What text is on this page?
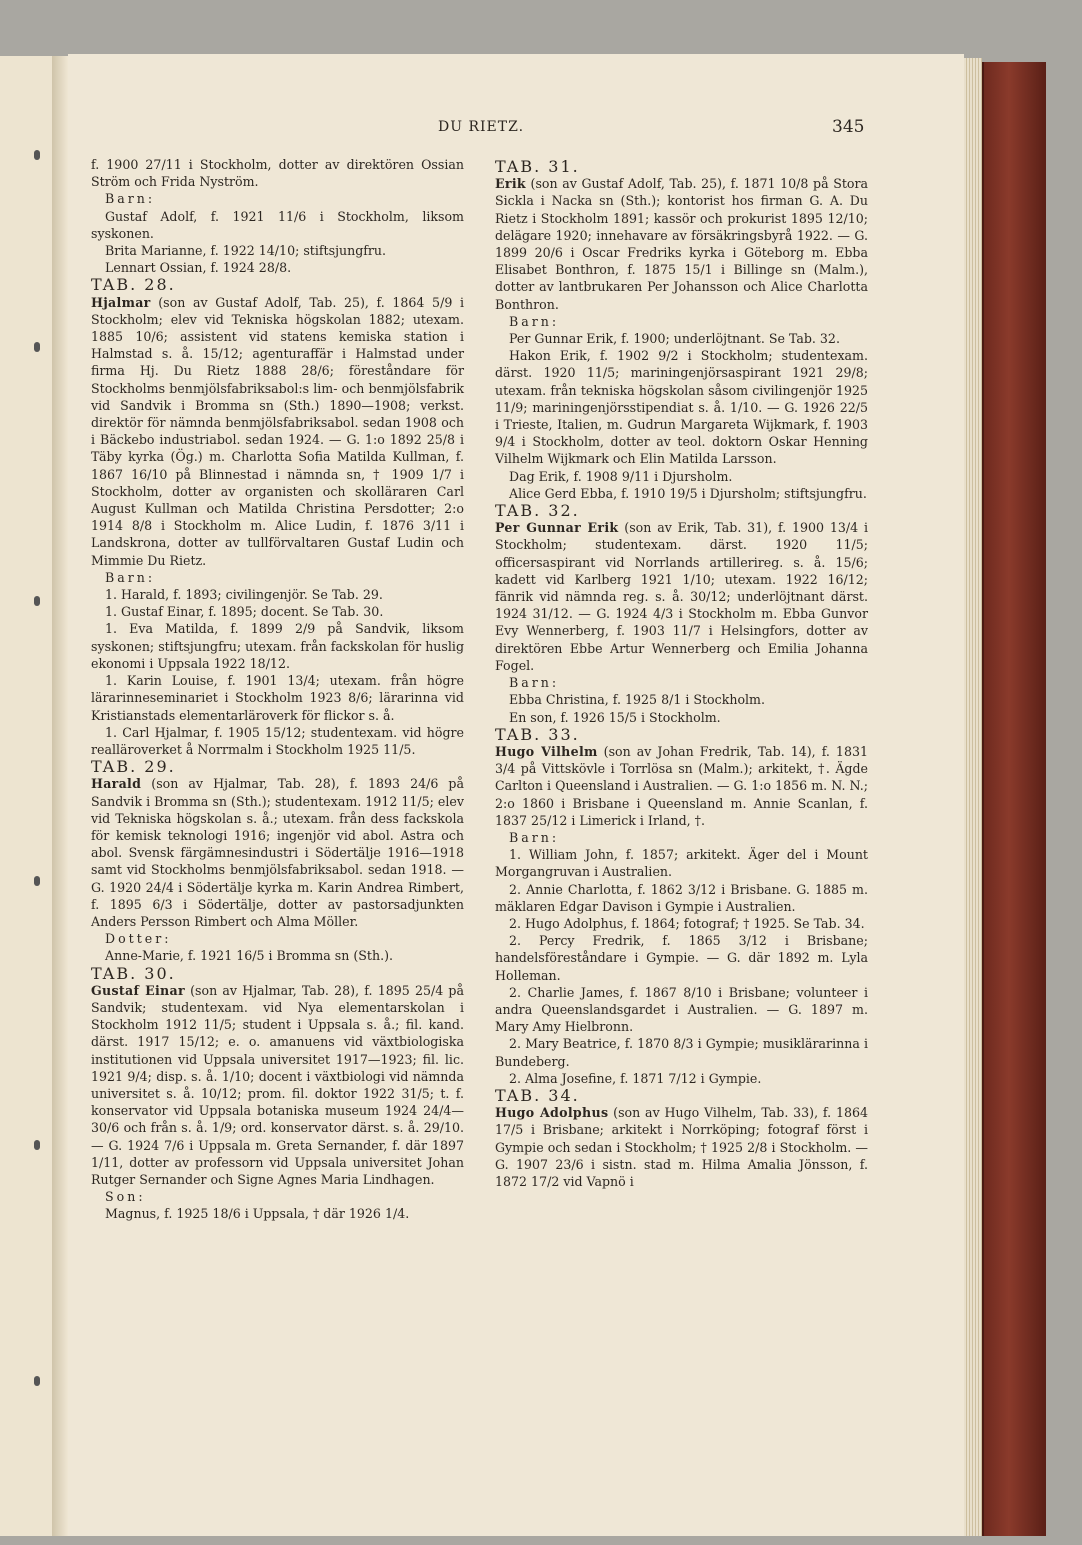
DU RIETZ.	345

f. 1900 27/11 i Stockholm, dotter av direktören Ossian Ström och Frida Nyström.

Barn:

Gustaf Adolf, f. 1921 11/6 i Stockholm, liksom syskonen.

Brita Marianne, f. 1922 14/10; stiftsjungfru.

Lennart Ossian, f. 1924 28/8.

TAB. 28.

Hjalmar (son av Gustaf Adolf, Tab. 25), f. 1864 5/9 i Stockholm; elev vid Tekniska högskolan 1882; utexam. 1885 10/6; assistent vid statens kemiska station i Halmstad s. å. 15/12; agenturaffär i Halmstad under firma Hj. Du Rietz 1888 28/6; föreståndare för Stockholms benmjölsfabriksabol:s lim- och benmjölsfabrik vid Sandvik i Bromma sn (Sth.) 1890—1908; verkst. direktör för nämnda benmjölsfabriksabol. sedan 1908 och i Bäckebo industriabol. sedan 1924. — G. 1:o 1892 25/8 i Täby kyrka (Ög.) m. Charlotta Sofia Matilda Kullman, f. 1867 16/10 på Blinnestad i nämnda sn, † 1909 1/7 i Stockholm, dotter av organisten och skolläraren Carl August Kullman och Matilda Christina Persdotter; 2:o 1914 8/8 i Stockholm m. Alice Ludin, f. 1876 3/11 i Landskrona, dotter av tullförvaltaren Gustaf Ludin och Mimmie Du Rietz.

Barn:

1. Harald, f. 1893; civilingenjör. Se Tab. 29.

1. Gustaf Einar, f. 1895; docent. Se Tab. 30.

1. Eva Matilda, f. 1899 2/9 på Sandvik, liksom syskonen; stiftsjungfru; utexam. från fackskolan för huslig ekonomi i Uppsala 1922 18/12.

1. Karin Louise, f. 1901 13/4; utexam. från högre lärarinneseminariet i Stockholm 1923 8/6; lärarinna vid Kristianstads elementarläroverk för flickor s. å.

1. Carl Hjalmar, f. 1905 15/12; studentexam. vid högre realläroverket å Norrmalm i Stockholm 1925 11/5.

TAB. 29.

Harald (son av Hjalmar, Tab. 28), f. 1893 24/6 på Sandvik i Bromma sn (Sth.); studentexam. 1912 11/5; elev vid Tekniska högskolan s. å.; utexam. från dess fackskola för kemisk teknologi 1916; ingenjör vid abol. Astra och abol. Svensk färgämnesindustri i Södertälje 1916—1918 samt vid Stockholms benmjölsfabriksabol. sedan 1918. — G. 1920 24/4 i Södertälje kyrka m. Karin Andrea Rimbert, f. 1895 6/3 i Södertälje, dotter av pastorsadjunkten Anders Persson Rimbert och Alma Möller.

Dotter:

Anne-Marie, f. 1921 16/5 i Bromma sn (Sth.).

TAB. 30.

Gustaf Einar (son av Hjalmar, Tab. 28), f. 1895 25/4 på Sandvik; studentexam. vid Nya elementarskolan i Stockholm 1912 11/5; student i Uppsala s. å.; fil. kand. därst. 1917 15/12; e. o. amanuens vid växtbiologiska institutionen vid Uppsala universitet 1917—1923; fil. lic. 1921 9/4; disp. s. å. 1/10; docent i växtbiologi vid nämnda universitet s. å. 10/12; prom. fil. doktor 1922 31/5; t. f. konservator vid Uppsala botaniska museum 1924 24/4—30/6 och från s. å. 1/9; ord. konservator därst. s. å. 29/10. — G. 1924 7/6 i Uppsala m. Greta Sernander, f. där 1897 1/11, dotter av professorn vid Uppsala universitet Johan Rutger Sernander och Signe Agnes Maria Lindhagen.

Son:

Magnus, f. 1925 18/6 i Uppsala, † där 1926 1/4.

TAB. 31.

Erik (son av Gustaf Adolf, Tab. 25), f. 1871 10/8 på Stora Sickla i Nacka sn (Sth.); kontorist hos firman G. A. Du Rietz i Stockholm 1891; kassör och prokurist 1895 12/10; delägare 1920; innehavare av försäkringsbyrå 1922. — G. 1899 20/6 i Oscar Fredriks kyrka i Göteborg m. Ebba Elisabet Bonthron, f. 1875 15/1 i Billinge sn (Malm.), dotter av lantbrukaren Per Johansson och Alice Charlotta Bonthron.

Barn:

Per Gunnar Erik, f. 1900; underlöjtnant. Se Tab. 32.

Hakon Erik, f. 1902 9/2 i Stockholm; studentexam. därst. 1920 11/5; mariningenjörsaspirant 1921 29/8; utexam. från tekniska högskolan såsom civilingenjör 1925 11/9; mariningenjörsstipendiat s. å. 1/10. — G. 1926 22/5 i Trieste, Italien, m. Gudrun Margareta Wijkmark, f. 1903 9/4 i Stockholm, dotter av teol. doktorn Oskar Henning Vilhelm Wijkmark och Elin Matilda Larsson.

Dag Erik, f. 1908 9/11 i Djursholm.

Alice Gerd Ebba, f. 1910 19/5 i Djursholm; stiftsjungfru.

TAB. 32.

Per Gunnar Erik (son av Erik, Tab. 31), f. 1900 13/4 i Stockholm; studentexam. därst. 1920 11/5; officersaspirant vid Norrlands artillerireg. s. å. 15/6; kadett vid Karlberg 1921 1/10; utexam. 1922 16/12; fänrik vid nämnda reg. s. å. 30/12; underlöjtnant därst. 1924 31/12. — G. 1924 4/3 i Stockholm m. Ebba Gunvor Evy Wennerberg, f. 1903 11/7 i Helsingfors, dotter av direktören Ebbe Artur Wennerberg och Emilia Johanna Fogel.

Barn:

Ebba Christina, f. 1925 8/1 i Stockholm.

En son, f. 1926 15/5 i Stockholm.

TAB. 33.

Hugo Vilhelm (son av Johan Fredrik, Tab. 14), f. 1831 3/4 på Vittskövle i Torrlösa sn (Malm.); arkitekt, †. Ägde Carlton i Queensland i Australien. — G. 1:o 1856 m. N. N.; 2:o 1860 i Brisbane i Queensland m. Annie Scanlan, f. 1837 25/12 i Limerick i Irland, †.

Barn:

1. William John, f. 1857; arkitekt. Äger del i Mount Morgangruvan i Australien.

2. Annie Charlotta, f. 1862 3/12 i Brisbane. G. 1885 m. mäklaren Edgar Davison i Gympie i Australien.

2. Hugo Adolphus, f. 1864; fotograf; † 1925. Se Tab. 34.

2. Percy Fredrik, f. 1865 3/12 i Brisbane; handelsföreståndare i Gympie. — G. där 1892 m. Lyla Holleman.

2. Charlie James, f. 1867 8/10 i Brisbane; volunteer i andra Queenslandsgardet i Australien. — G. 1897 m. Mary Amy Hielbronn.

2. Mary Beatrice, f. 1870 8/3 i Gympie; musiklärarinna i Bundeberg.

2. Alma Josefine, f. 1871 7/12 i Gympie.

TAB. 34.

Hugo Adolphus (son av Hugo Vilhelm, Tab. 33), f. 1864 17/5 i Brisbane; arkitekt i Norrköping; fotograf först i Gympie och sedan i Stockholm; † 1925 2/8 i Stockholm. — G. 1907 23/6 i sistn. stad m. Hilma Amalia Jönsson, f. 1872 17/2 vid Vapnö i
